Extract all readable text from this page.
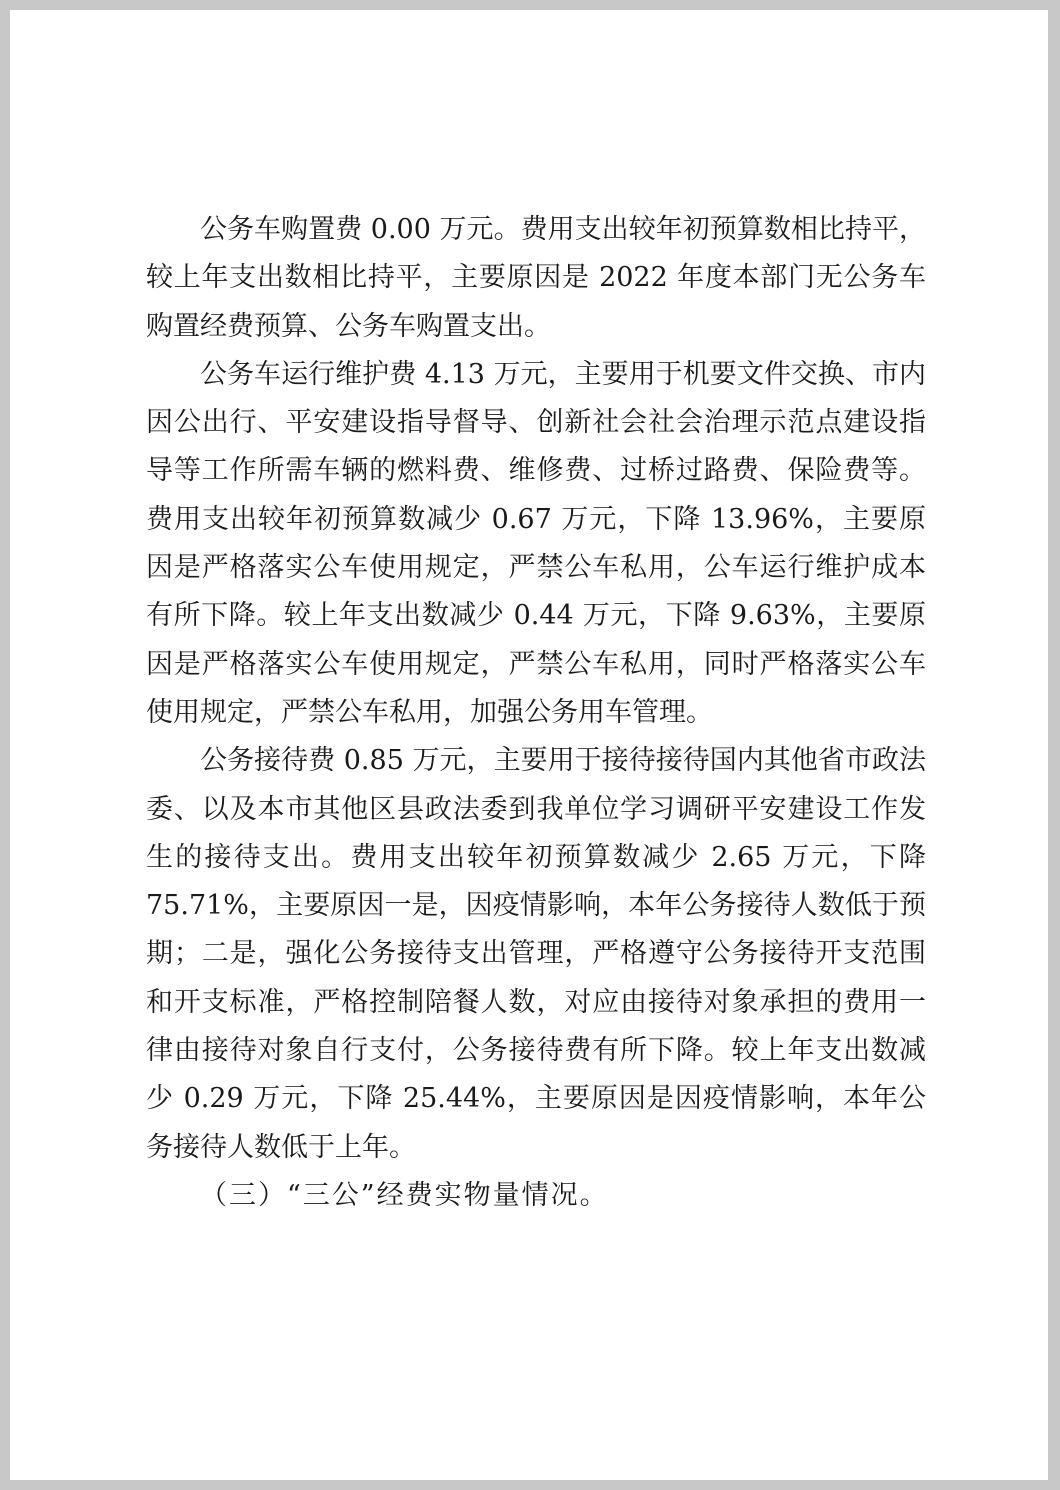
公务车购置费 0.00 万元。费用支出较年初预算数相比持平，较上年支出数相比持平，主要原因是 2022 年度本部门无公务车购置经费预算、公务车购置支出。

公务车运行维护费 4.13 万元，主要用于机要文件交换、市内因公出行、平安建设指导督导、创新社会社会治理示范点建设指导等工作所需车辆的燃料费、维修费、过桥过路费、保险费等。费用支出较年初预算数减少 0.67 万元，下降 13.96%，主要原因是严格落实公车使用规定，严禁公车私用，公车运行维护成本有所下降。较上年支出数减少 0.44 万元，下降 9.63%，主要原因是严格落实公车使用规定，严禁公车私用，同时严格落实公车使用规定，严禁公车私用，加强公务用车管理。

公务接待费 0.85 万元，主要用于接待接待国内其他省市政法委、以及本市其他区县政法委到我单位学习调研平安建设工作发生的接待支出。费用支出较年初预算数减少 2.65 万元，下降 75.71%，主要原因一是，因疫情影响，本年公务接待人数低于预期；二是，强化公务接待支出管理，严格遵守公务接待开支范围和开支标准，严格控制陪餐人数，对应由接待对象承担的费用一律由接待对象自行支付，公务接待费有所下降。较上年支出数减少 0.29 万元，下降 25.44%，主要原因是因疫情影响，本年公务接待人数低于上年。

（三）“三公”经费实物量情况。
